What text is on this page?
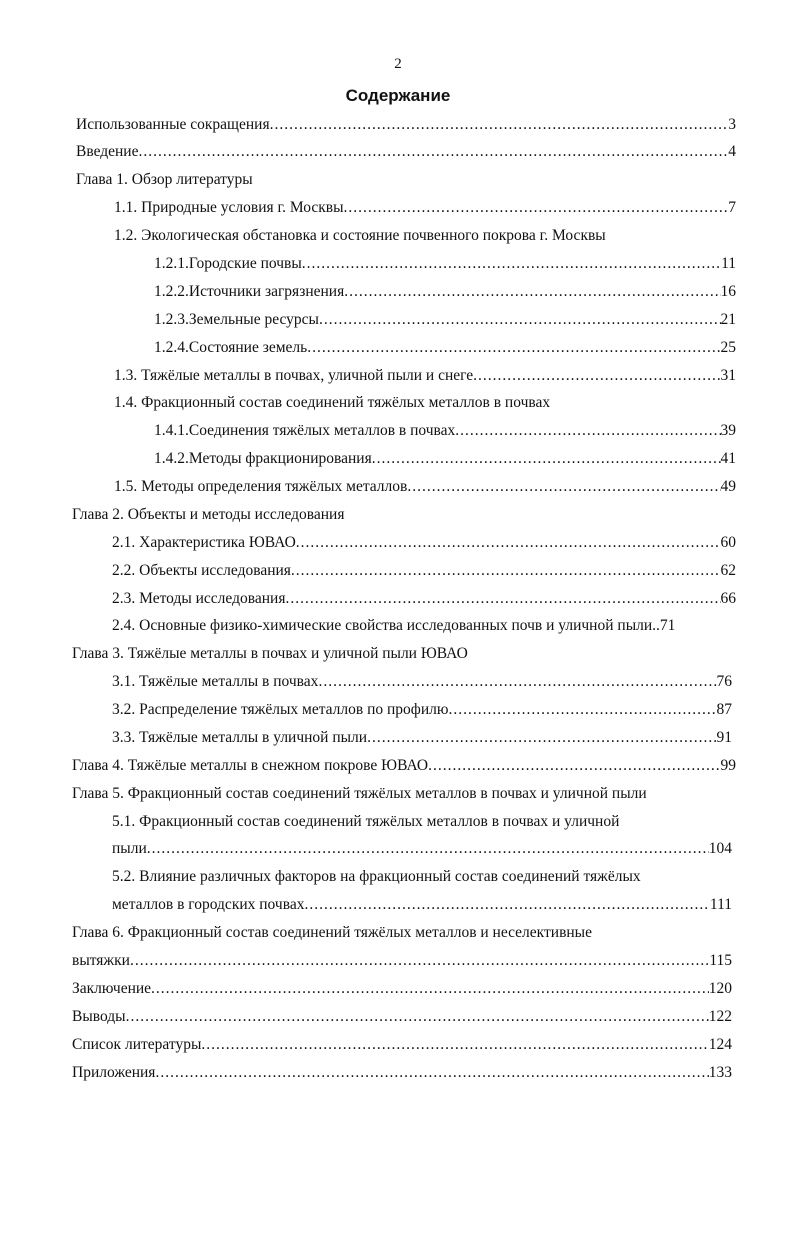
2
Содержание
Использованные сокращения .....	3
Введение .....	4
Глава 1. Обзор литературы
1.1. Природные условия г. Москвы .....	7
1.2. Экологическая обстановка и состояние почвенного покрова г. Москвы
1.2.1. Городские почвы .....	11
1.2.2. Источники загрязнения .....	16
1.2.3. Земельные ресурсы .....	21
1.2.4. Состояние земель .....	25
1.3. Тяжёлые металлы в почвах, уличной пыли и снеге .....	31
1.4. Фракционный состав соединений тяжёлых металлов в почвах
1.4.1. Соединения тяжёлых металлов в почвах .....	39
1.4.2. Методы фракционирования .....	41
1.5. Методы определения тяжёлых металлов .....	49
Глава 2. Объекты и методы исследования
2.1. Характеристика ЮВАО .....	60
2.2. Объекты исследования .....	62
2.3. Методы исследования .....	66
2.4. Основные физико-химические свойства исследованных почв и уличной пыли.. 71
Глава 3. Тяжёлые металлы в почвах и уличной пыли ЮВАО
3.1. Тяжёлые металлы в почвах .....	76
3.2. Распределение тяжёлых металлов по профилю .....	87
3.3. Тяжёлые металлы в уличной пыли .....	91
Глава 4. Тяжёлые металлы в снежном покрове ЮВАО .....	99
Глава 5. Фракционный состав соединений тяжёлых металлов в почвах и уличной пыли
5.1. Фракционный состав соединений тяжёлых металлов в почвах и уличной
пыли .....	104
5.2. Влияние различных факторов на фракционный состав соединений тяжёлых
металлов в городских почвах .....	111
Глава 6. Фракционный состав соединений тяжёлых металлов и неселективные
вытяжки .....	115
Заключение .....	120
Выводы .....	122
Список литературы .....	124
Приложения .....	133
